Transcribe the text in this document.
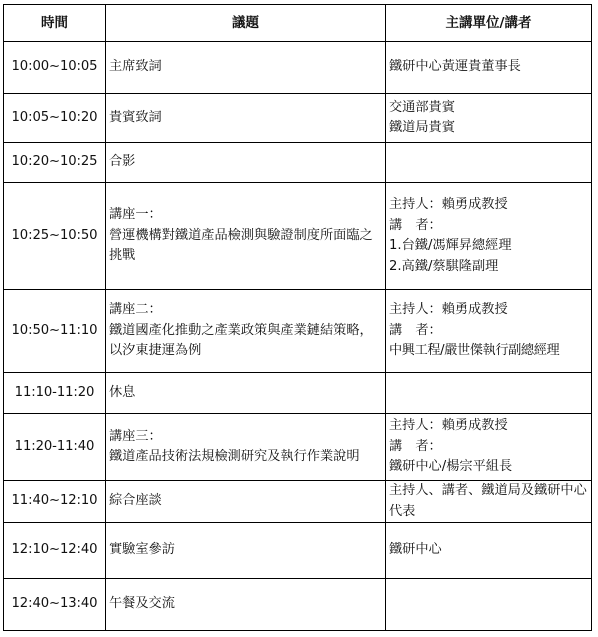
時間	議題	主講單位/講者
10:00~10:05	主席致詞	鐵研中心黃運貴董事長

10:05~10:20	貴賓致詞	交通部貴賓
鐵道局貴賓

10:20~10:25	合影	

10:25~10:50	講座一：
營運機構對鐵道產品檢測與驗證制度所面臨之挑戰	主持人：賴勇成教授
講　者：
1.台鐵/馮輝昇總經理
2.高鐵/蔡騏隆副理

10:50~11:10	講座二：
鐵道國產化推動之產業政策與產業鏈結策略，以汐東捷運為例	主持人：賴勇成教授
講　者：
中興工程/嚴世傑執行副總經理

11:10-11:20	休息	

11:20-11:40	講座三：
鐵道產品技術法規檢測研究及執行作業說明	主持人：賴勇成教授
講　者：
鐵研中心/楊宗平組長

11:40~12:10	綜合座談	主持人、講者、鐵道局及鐵研中心代表

12:10~12:40	實驗室參訪	鐵研中心

12:40~13:40	午餐及交流	
